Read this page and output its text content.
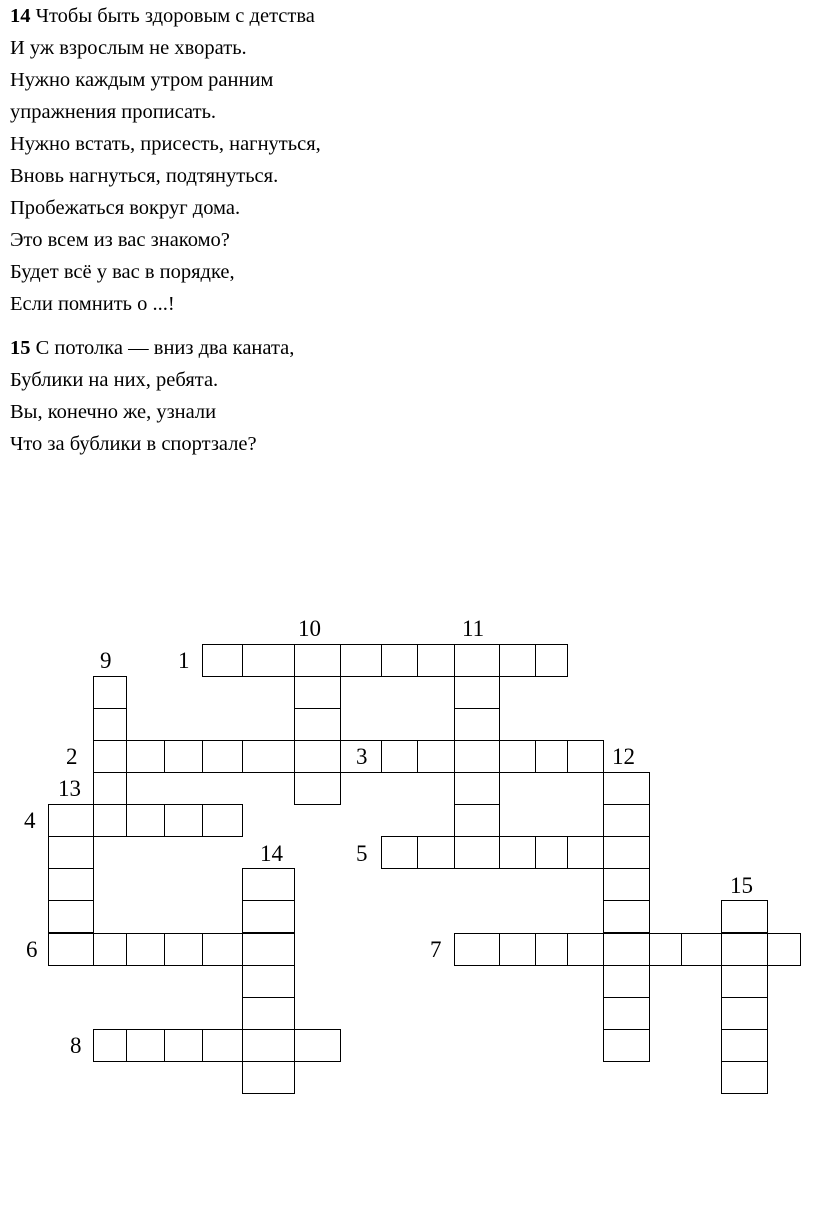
14 Чтобы быть здоровым с детства
И уж взрослым не хворать.
Нужно каждым утром ранним
упражнения прописать.
Нужно встать, присесть, нагнуться,
Вновь нагнуться, подтянуться.
Пробежаться вокруг дома.
Это всем из вас знакомо?
Будет всё у вас в порядке,
Если помнить о ...!
15 С потолка — вниз два каната,
Бублики на них, ребята.
Вы, конечно же, узнали
Что за бублики в спортзале?
10	11
9	1
2	3	12
13
4
14	5
15
6	7
8
